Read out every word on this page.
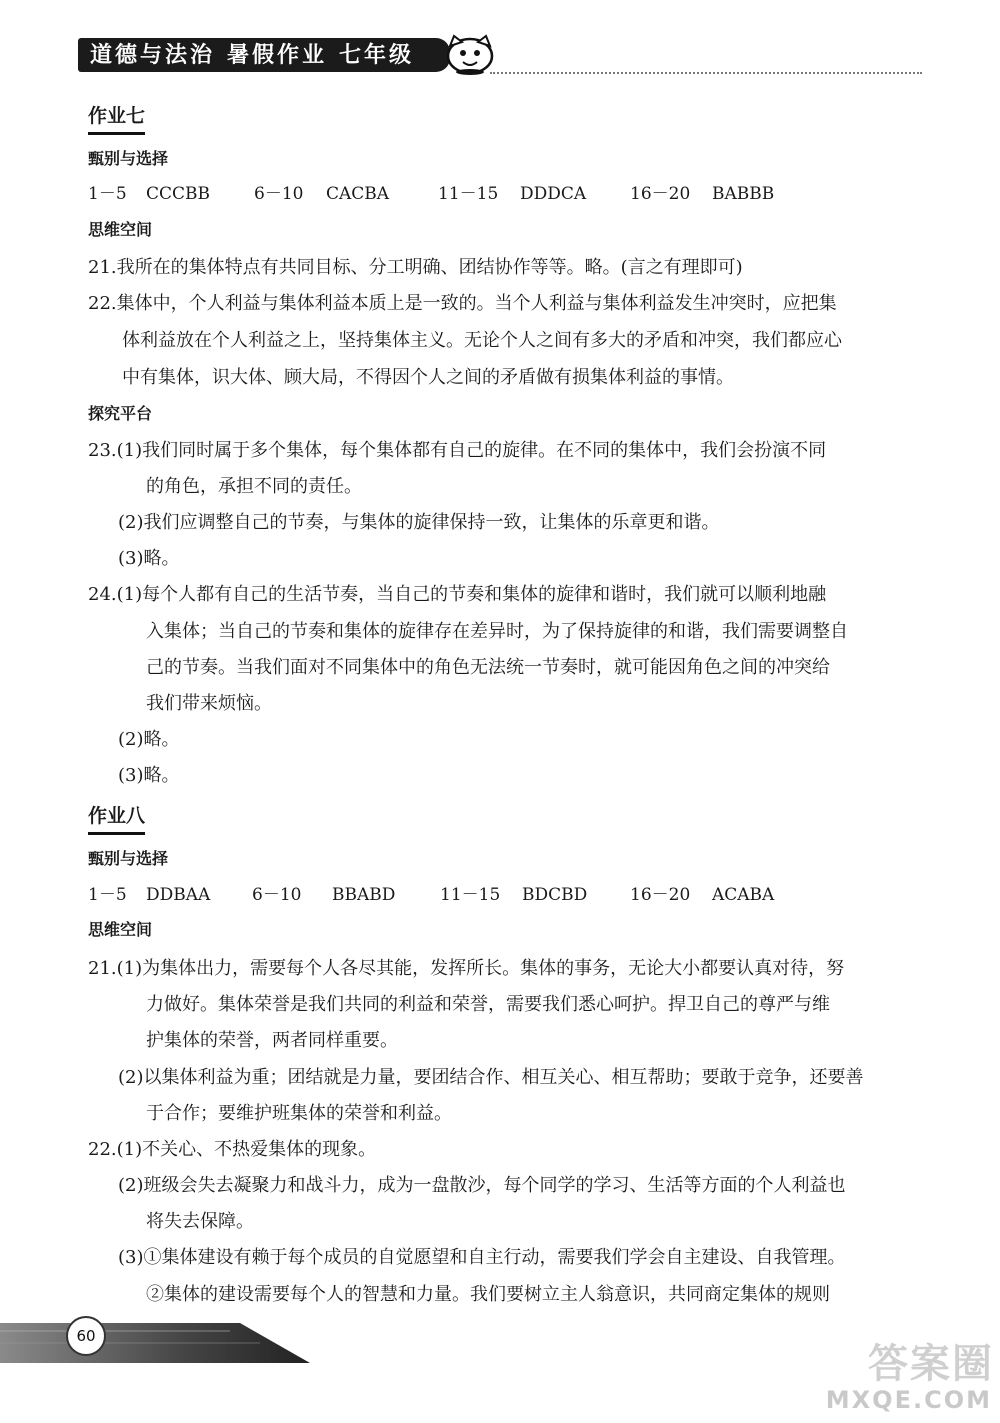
道德与法治 暑假作业 七年级
作业七
甄别与选择
1－5 CCCBB	6－10 CACBA	11－15 DDDCA	16－20 BABBB
思维空间
21.我所在的集体特点有共同目标、分工明确、团结协作等等。略。(言之有理即可)
22.集体中，个人利益与集体利益本质上是一致的。当个人利益与集体利益发生冲突时，应把集
体利益放在个人利益之上，坚持集体主义。无论个人之间有多大的矛盾和冲突，我们都应心
中有集体，识大体、顾大局，不得因个人之间的矛盾做有损集体利益的事情。
探究平台
23.(1)我们同时属于多个集体，每个集体都有自己的旋律。在不同的集体中，我们会扮演不同
的角色，承担不同的责任。
(2)我们应调整自己的节奏，与集体的旋律保持一致，让集体的乐章更和谐。
(3)略。
24.(1)每个人都有自己的生活节奏，当自己的节奏和集体的旋律和谐时，我们就可以顺利地融
入集体；当自己的节奏和集体的旋律存在差异时，为了保持旋律的和谐，我们需要调整自
己的节奏。当我们面对不同集体中的角色无法统一节奏时，就可能因角色之间的冲突给
我们带来烦恼。
(2)略。
(3)略。
作业八
甄别与选择
1－5 DDBAA 6－10 BBABD	11－15 BDCBD	16－20 ACABA
思维空间
21.(1)为集体出力，需要每个人各尽其能，发挥所长。集体的事务，无论大小都要认真对待，努
力做好。集体荣誉是我们共同的利益和荣誉，需要我们悉心呵护。捍卫自己的尊严与维
护集体的荣誉，两者同样重要。
(2)以集体利益为重；团结就是力量，要团结合作、相互关心、相互帮助；要敢于竞争，还要善
于合作；要维护班集体的荣誉和利益。
22.(1)不关心、不热爱集体的现象。
(2)班级会失去凝聚力和战斗力，成为一盘散沙，每个同学的学习、生活等方面的个人利益也
将失去保障。
(3)①集体建设有赖于每个成员的自觉愿望和自主行动，需要我们学会自主建设、自我管理。
②集体的建设需要每个人的智慧和力量。我们要树立主人翁意识，共同商定集体的规则
60
答案圈
MXQE.COM
